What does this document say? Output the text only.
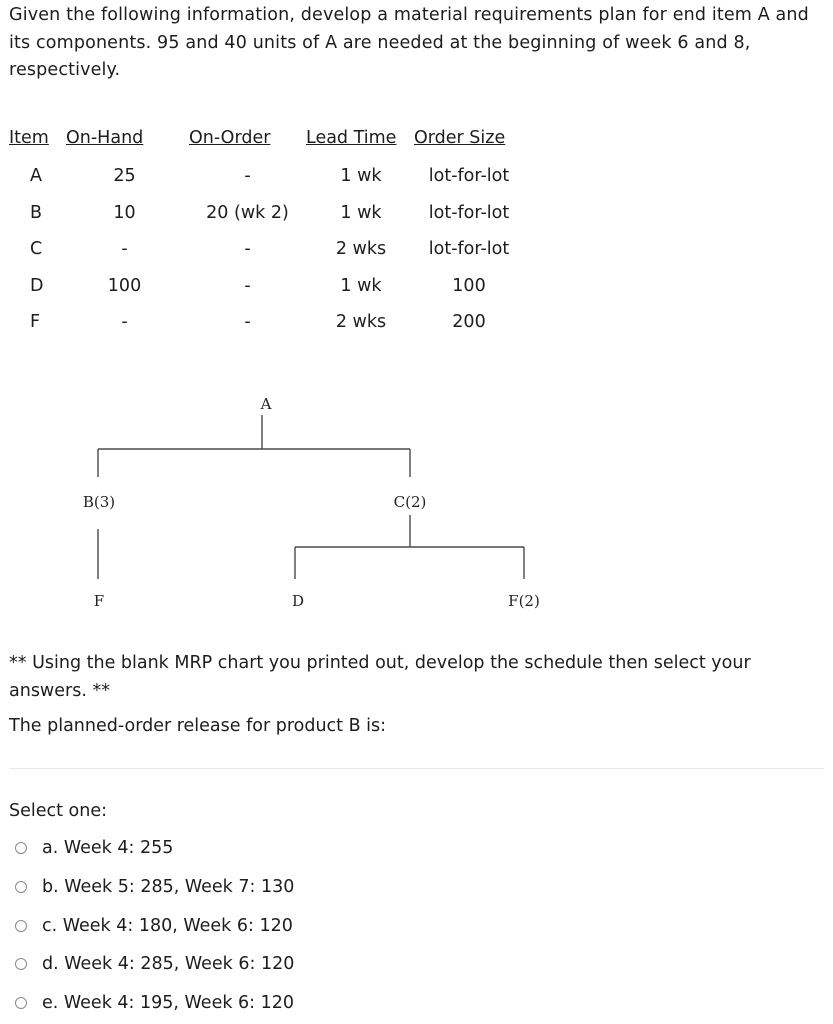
Given the following information, develop a material requirements plan for end item A and its components. 95 and 40 units of A are needed at the beginning of week 6 and 8, respectively.

Item	On-Hand	On-Order	Lead Time	Order Size
A	25	-	1 wk	lot-for-lot
B	10	20 (wk 2)	1 wk	lot-for-lot
C	-	-	2 wks	lot-for-lot
D	100	-	1 wk	100
F	-	-	2 wks	200
A
B(3)	C(2)
F	D	F(2)

** Using the blank MRP chart you printed out, develop the schedule then select your answers. **

The planned-order release for product B is:

Select one:

a. Week 4: 255
b. Week 5: 285, Week 7: 130
c. Week 4: 180, Week 6: 120
d. Week 4: 285, Week 6: 120
e. Week 4: 195, Week 6: 120
